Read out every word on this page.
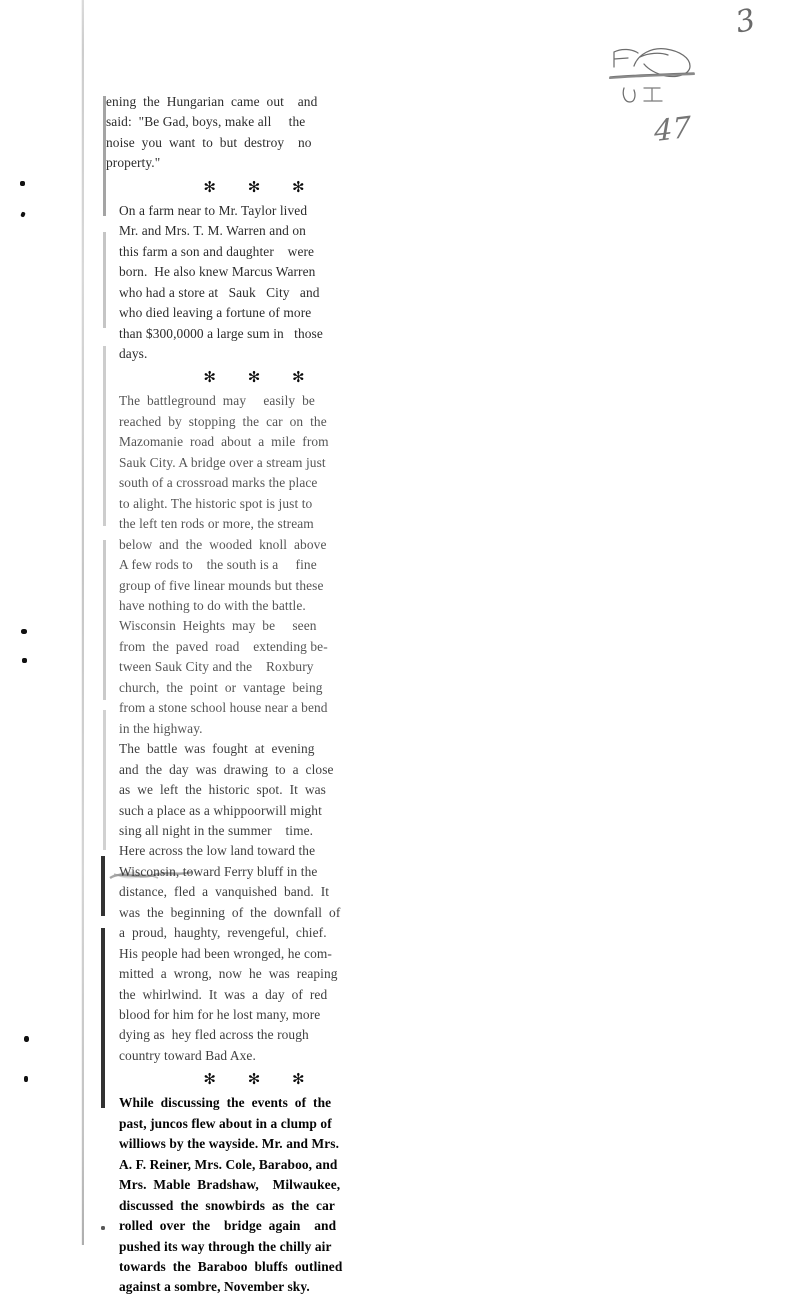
3
47

ening  the  Hungarian  came  out    and
said:  "Be Gad, boys, make all     the
noise  you  want  to  but  destroy    no
property."

✻ ✻ ✻

On a farm near to Mr. Taylor lived
Mr. and Mrs. T. M. Warren and on
this farm a son and daughter    were
born.  He also knew Marcus Warren
who had a store at   Sauk   City   and
who died leaving a fortune of more
than $300,0000 a large sum in   those
days.

✻ ✻ ✻

The  battleground  may     easily  be
reached  by  stopping  the  car  on  the
Mazomanie  road  about  a  mile  from
Sauk City. A bridge over a stream just
south of a crossroad marks the place
to alight. The historic spot is just to
the left ten rods or more, the stream
below  and  the  wooded  knoll  above
A few rods to    the south is a     fine
group of five linear mounds but these
have nothing to do with the battle.

Wisconsin  Heights  may  be     seen
from  the  paved  road    extending be-
tween Sauk City and the    Roxbury
church,  the  point  or  vantage  being
from a stone school house near a bend
in the highway.

The  battle  was  fought  at  evening
and  the  day  was  drawing  to  a  close
as  we  left  the  historic  spot.  It  was
such a place as a whippoorwill might
sing all night in the summer    time.
Here across the low land toward the
Wisconsin, toward Ferry bluff in the
distance,  fled  a  vanquished  band.  It
was  the  beginning  of  the  downfall  of
a  proud,  haughty,  revengeful,  chief.
His people had been wronged, he com-
mitted  a  wrong,  now  he  was  reaping
the  whirlwind.  It  was  a  day  of  red
blood for him for he lost many, more
dying as  hey fled across the rough
country toward Bad Axe.

✻ ✻ ✻

While  discussing  the  events  of  the
past, juncos flew about in a clump of
williows by the wayside. Mr. and Mrs.
A. F. Reiner, Mrs. Cole, Baraboo, and
Mrs.  Mable  Bradshaw,    Milwaukee,
discussed  the  snowbirds  as  the  car
rolled  over  the    bridge  again    and
pushed its way through the chilly air
towards  the  Baraboo  bluffs  outlined
against a sombre, November sky.
